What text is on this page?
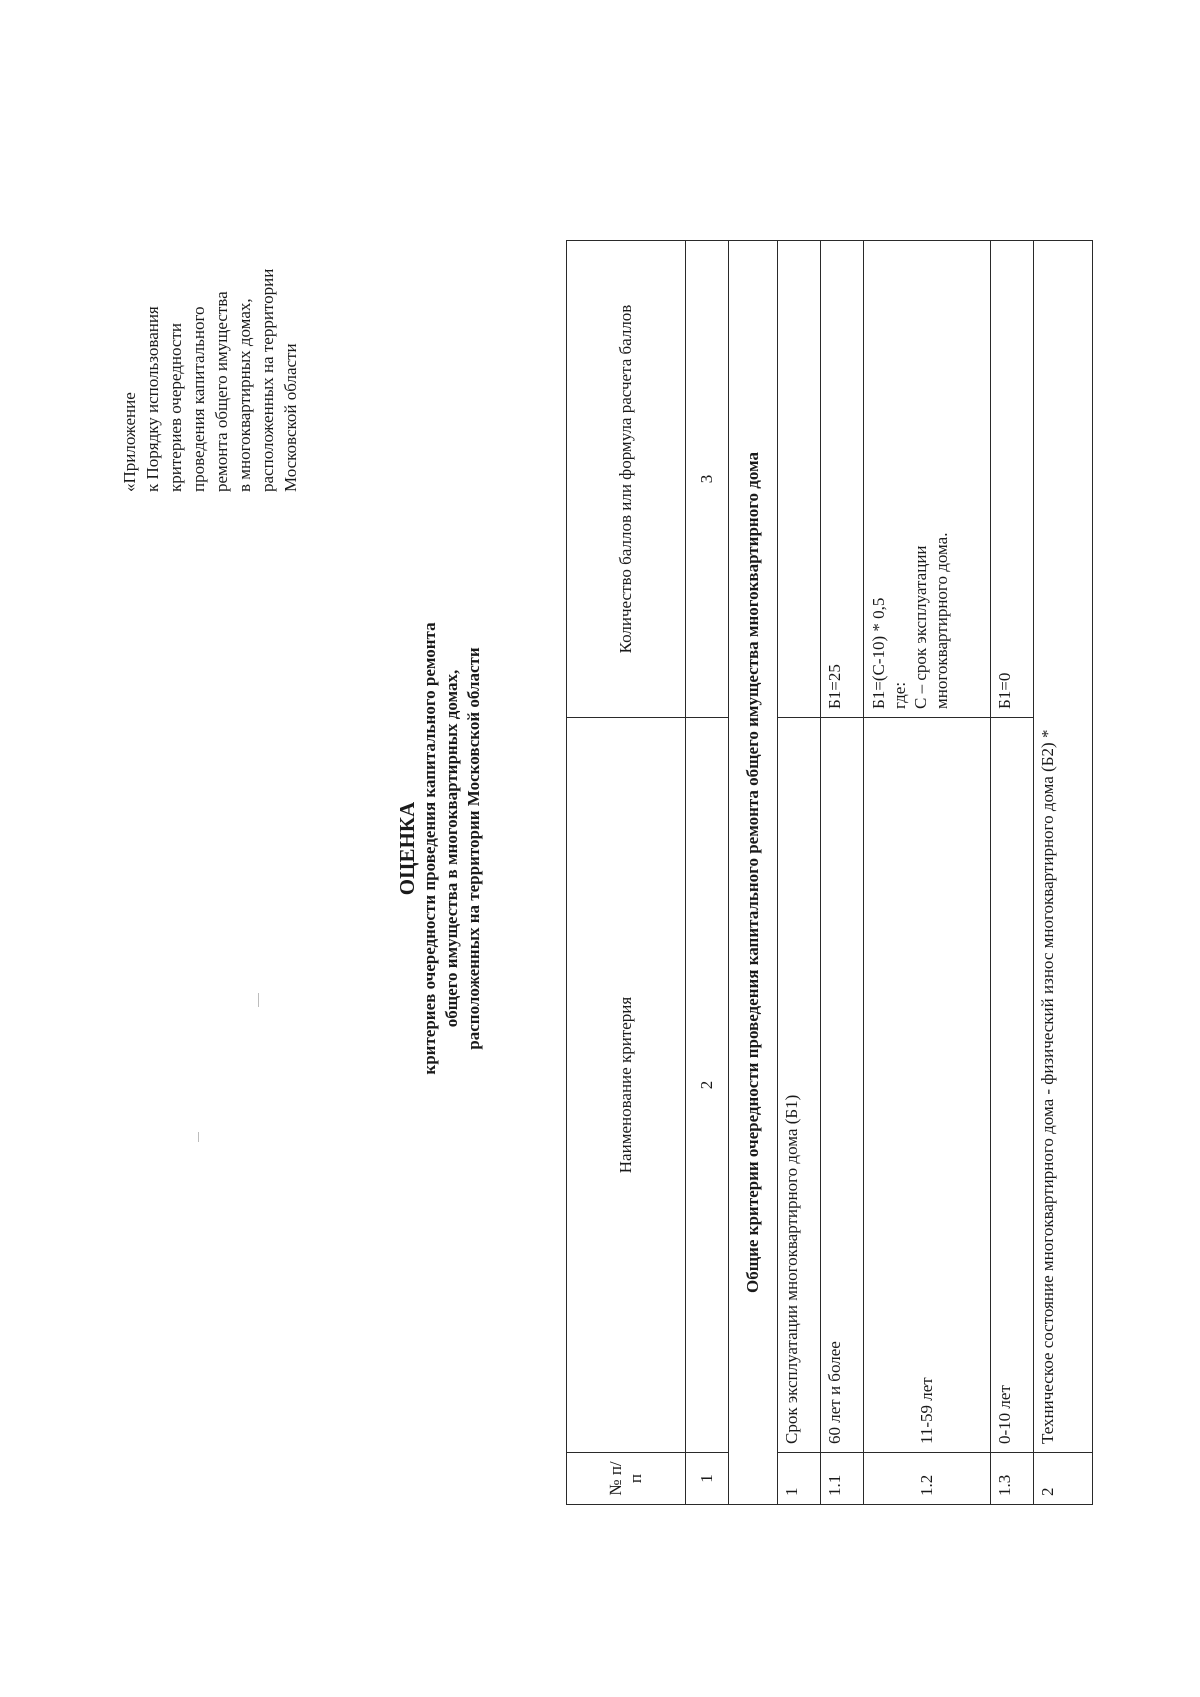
«Приложение к Порядку использования критериев очередности проведения капитального ремонта общего имущества в многоквартирных домах, расположенных на территории Московской области
ОЦЕНКА критериев очередности проведения капитального ремонта общего имущества в многоквартирных домах, расположенных на территории Московской области
№ п/п	Наименование критерия	Количество баллов или формула расчета баллов
1	2	3
Общие критерии очередности проведения капитального ремонта общего имущества многоквартирного дома		
1	Срок эксплуатации многоквартирного дома (Б1)	
1.1	60 лет и более	Б1=25
1.2	11-59 лет	Б1=(С-10) * 0,5 где: С – срок эксплуатации многоквартирного дома.

1.3	0-10 лет	Б1=0
2	Техническое состояние многоквартирного дома - физический износ многоквартирного дома (Б2) *	
